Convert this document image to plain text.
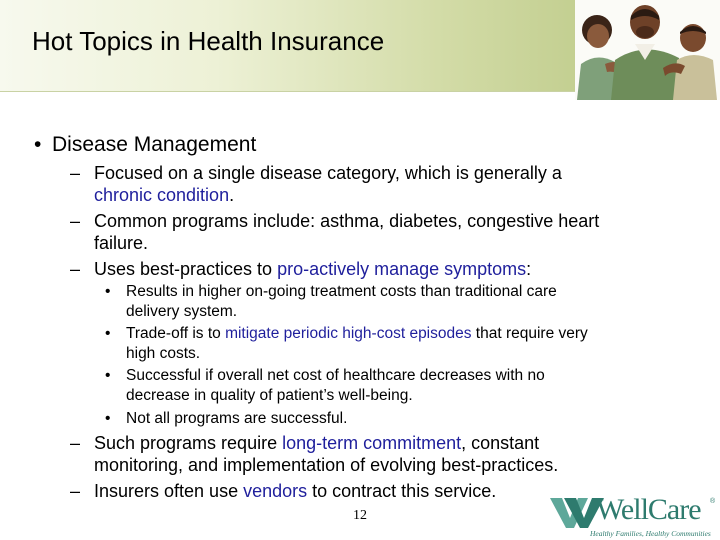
Hot Topics in Health Insurance
• Disease Management
– Focused on a single disease category, which is generally a
chronic condition.
– Common programs include: asthma, diabetes, congestive heart
failure.
– Uses best-practices to pro-actively manage symptoms:
– Such programs require long-term commitment, constant
monitoring, and implementation of evolving best-practices.
– Insurers often use vendors to contract this service.
• Results in higher on-going treatment costs than traditional care
delivery system.
• Trade-off is to mitigate periodic high-cost episodes that require very
high costs.
• Successful if overall net cost of healthcare decreases with no
decrease in quality of patient’s well-being.
• Not all programs are successful.
12	WellCare ®
Healthy Families, Healthy Communities
